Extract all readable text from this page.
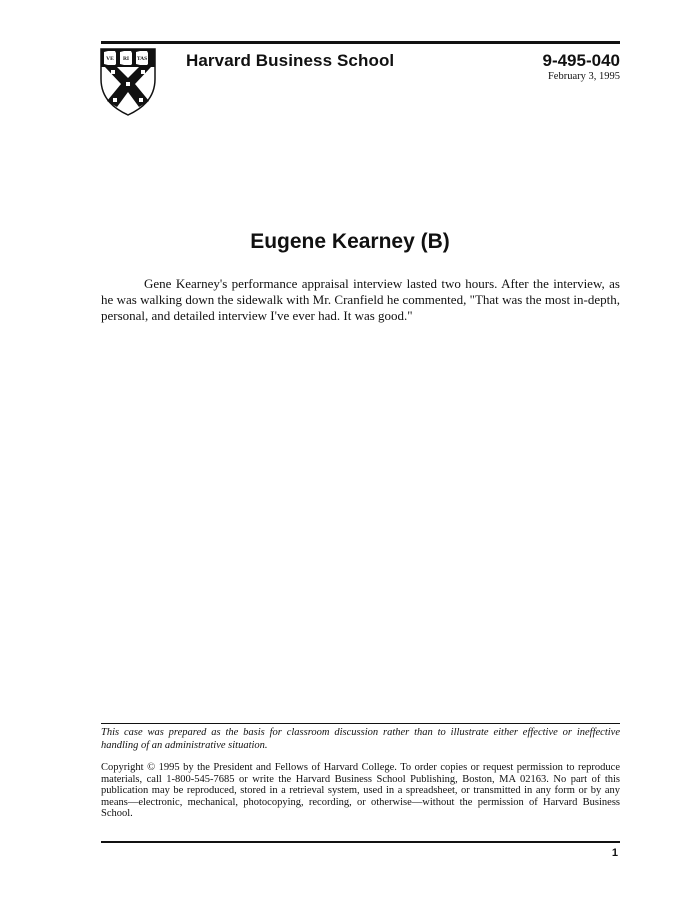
VE RI TAS Harvard Business School	9-495-040
February 3, 1995
Eugene Kearney (B)

Gene Kearney's performance appraisal interview lasted two hours. After the interview, as he was walking down the sidewalk with Mr. Cranfield he commented, "That was the most in-depth, personal, and detailed interview I've ever had. It was good."

This case was prepared as the basis for classroom discussion rather than to illustrate either effective or ineffective handling of an administrative situation.

Copyright © 1995 by the President and Fellows of Harvard College. To order copies or request permission to reproduce materials, call 1-800-545-7685 or write the Harvard Business School Publishing, Boston, MA 02163. No part of this publication may be reproduced, stored in a retrieval system, used in a spreadsheet, or transmitted in any form or by any means—electronic, mechanical, photocopying, recording, or otherwise—without the permission of Harvard Business School.

1
